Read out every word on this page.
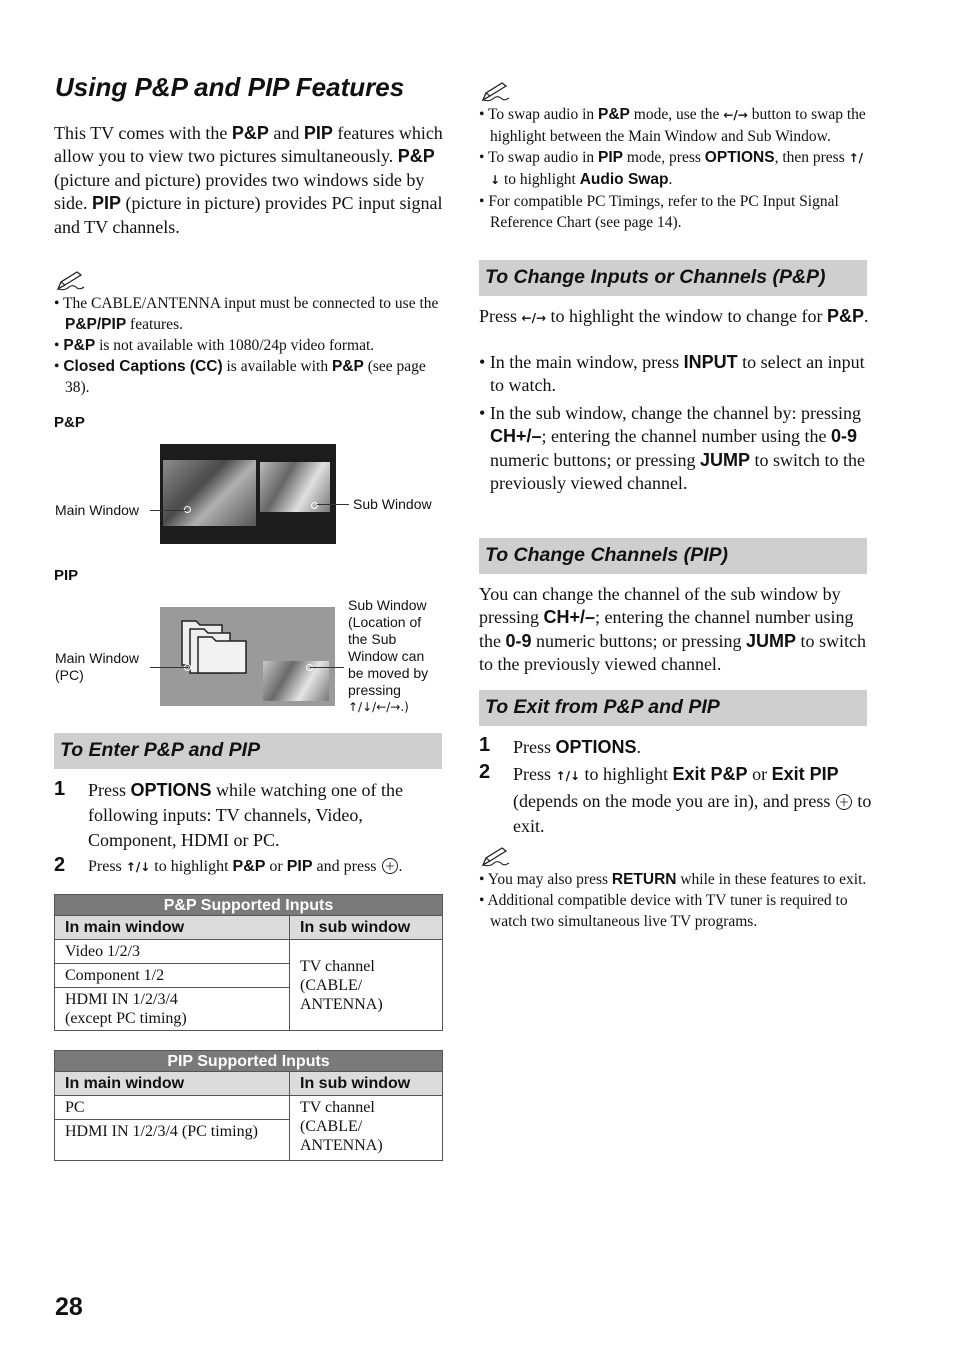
Using P&P and PIP Features
This TV comes with the P&P and PIP features which allow you to view two pictures simultaneously. P&P (picture and picture) provides two windows side by side. PIP (picture in picture) provides PC input signal and TV channels.

• The CABLE/ANTENNA input must be connected to use the P&P/PIP features.

• P&P is not available with 1080/24p video format.

• Closed Captions (CC) is available with P&P (see page 38).

P&P
Main Window	Sub Window
PIP
Main Window
(PC)
Sub Window
(Location of
the Sub
Window can
be moved by
pressing
↑/↓/←/→.)
To Enter P&P and PIP
1 Press OPTIONS while watching one of the following inputs: TV channels, Video, Component, HDMI or PC.
2 Press ↑/↓ to highlight P&P or PIP and press .
P&P Supported Inputs	
In main window	In sub window
Video 1/2/3	TV channel
(CABLE/
ANTENNA)

Component 1/2	

HDMI IN 1/2/3/4
(except PC timing)	
PIP Supported Inputs	
In main window	In sub window
PC	TV channel
(CABLE/
ANTENNA)

HDMI IN 1/2/3/4 (PC timing)	
28

• To swap audio in P&P mode, use the ←/→ button to swap the highlight between the Main Window and Sub Window.

• To swap audio in PIP mode, press OPTIONS, then press ↑/↓ to highlight Audio Swap.

• For compatible PC Timings, refer to the PC Input Signal Reference Chart (see page 14).

To Change Inputs or Channels (P&P)
Press ←/→ to highlight the window to change for P&P.

• In the main window, press INPUT to select an input to watch.

• In the sub window, change the channel by: pressing CH+/–; entering the channel number using the 0-9 numeric buttons; or pressing JUMP to switch to the previously viewed channel.

To Change Channels (PIP)
You can change the channel of the sub window by pressing CH+/–; entering the channel number using the 0-9 numeric buttons; or pressing JUMP to switch to the previously viewed channel.
To Exit from P&P and PIP
1 Press OPTIONS.
2 Press ↑/↓ to highlight Exit P&P or Exit PIP (depends on the mode you are in), and press  to exit.

• You may also press RETURN while in these features to exit.

• Additional compatible device with TV tuner is required to watch two simultaneous live TV programs.
